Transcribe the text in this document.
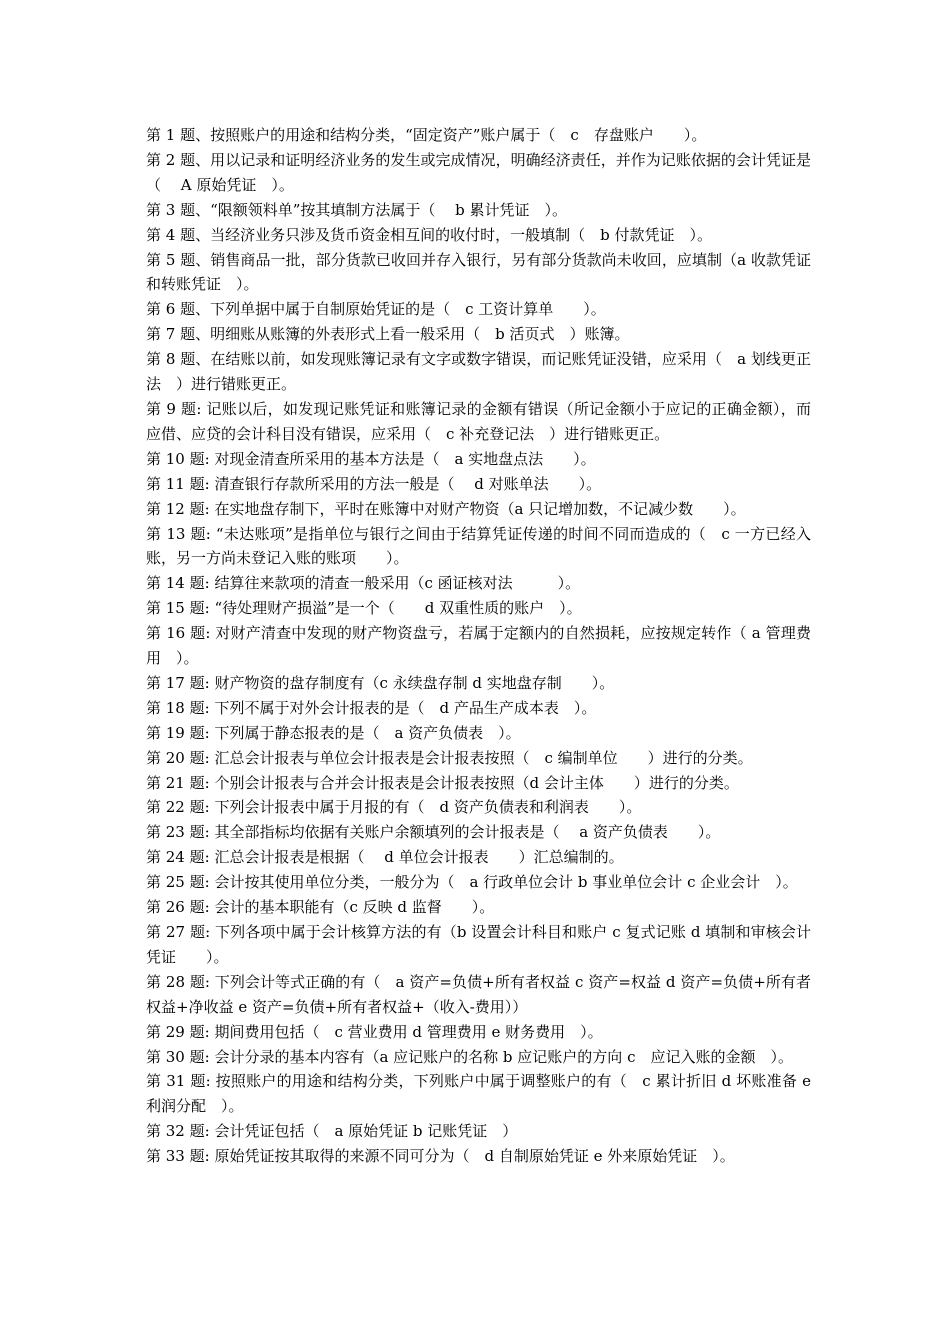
第 1 题、按照账户的用途和结构分类，“固定资产”账户属于（　c　存盘账户　　）。

第 2 题、用以记录和证明经济业务的发生或完成情况，明确经济责任，并作为记账依据的会计凭证是（　 A 原始凭证　）。

第 3 题、“限额领料单”按其填制方法属于（　 b 累计凭证　）。

第 4 题、当经济业务只涉及货币资金相互间的收付时，一般填制（　b 付款凭证　）。

第 5 题、销售商品一批，部分货款已收回并存入银行，另有部分货款尚未收回，应填制（a 收款凭证和转账凭证　）。

第 6 题、下列单据中属于自制原始凭证的是（　c 工资计算单　　）。

第 7 题、明细账从账簿的外表形式上看一般采用（　b 活页式　）账簿。

第 8 题、在结账以前，如发现账簿记录有文字或数字错误，而记账凭证没错，应采用（　a 划线更正法　）进行错账更正。

第 9 题: 记账以后，如发现记账凭证和账簿记录的金额有错误（所记金额小于应记的正确金额），而应借、应贷的会计科目没有错误，应采用（　c 补充登记法　）进行错账更正。

第 10 题: 对现金清查所采用的基本方法是（　a 实地盘点法　　）。

第 11 题: 清查银行存款所采用的方法一般是（　 d 对账单法　　）。

第 12 题: 在实地盘存制下，平时在账簿中对财产物资（a 只记增加数，不记减少数　　）。

第 13 题: “未达账项”是指单位与银行之间由于结算凭证传递的时间不同而造成的（　c 一方已经入账，另一方尚未登记入账的账项　　）。

第 14 题: 结算往来款项的清查一般采用（c 函证核对法　　　）。

第 15 题: “待处理财产损溢”是一个（　　d 双重性质的账户　）。

第 16 题: 对财产清查中发现的财产物资盘亏，若属于定额内的自然损耗，应按规定转作（ a 管理费用　）。

第 17 题: 财产物资的盘存制度有（c 永续盘存制 d 实地盘存制　　）。

第 18 题: 下列不属于对外会计报表的是（　d 产品生产成本表　）。

第 19 题: 下列属于静态报表的是（　a 资产负债表　）。

第 20 题: 汇总会计报表与单位会计报表是会计报表按照（　c 编制单位　　）进行的分类。

第 21 题: 个别会计报表与合并会计报表是会计报表按照（d 会计主体　　）进行的分类。

第 22 题: 下列会计报表中属于月报的有（　d 资产负债表和利润表　　）。

第 23 题: 其全部指标均依据有关账户余额填列的会计报表是（　 a 资产负债表　　）。

第 24 题: 汇总会计报表是根据（　 d 单位会计报表　　）汇总编制的。

第 25 题: 会计按其使用单位分类，一般分为（　a 行政单位会计 b 事业单位会计 c 企业会计　）。

第 26 题: 会计的基本职能有（c 反映 d 监督　　）。

第 27 题: 下列各项中属于会计核算方法的有（b 设置会计科目和账户 c 复式记账 d 填制和审核会计凭证　　）。

第 28 题: 下列会计等式正确的有（　a 资产=负债+所有者权益 c 资产=权益 d 资产=负债+所有者权益+净收益 e 资产=负债+所有者权益+（收入-费用））

第 29 题: 期间费用包括（　c 营业费用 d 管理费用 e 财务费用　）。

第 30 题: 会计分录的基本内容有（a 应记账户的名称 b 应记账户的方向 c　应记入账的金额　）。

第 31 题: 按照账户的用途和结构分类，下列账户中属于调整账户的有（　c 累计折旧 d 坏账准备 e 利润分配　）。

第 32 题: 会计凭证包括（　a 原始凭证 b 记账凭证　）

第 33 题: 原始凭证按其取得的来源不同可分为（　d 自制原始凭证 e 外来原始凭证　）。
